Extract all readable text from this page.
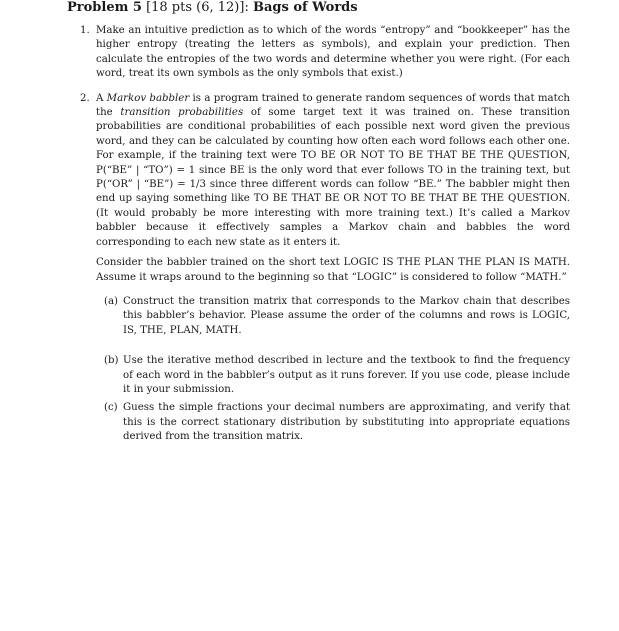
Problem 5 [18 pts (6, 12)]: Bags of Words
1. Make an intuitive prediction as to which of the words “entropy” and “bookkeeper” has the higher entropy (treating the letters as symbols), and explain your prediction. Then calculate the entropies of the two words and determine whether you were right. (For each word, treat its own symbols as the only symbols that exist.)
2. A Markov babbler is a program trained to generate random sequences of words that match the transition probabilities of some target text it was trained on. These transition probabilities are conditional probabilities of each possible next word given the previous word, and they can be calculated by counting how often each word follows each other one. For example, if the training text were TO BE OR NOT TO BE THAT BE THE QUESTION, P(“BE” | “TO”) = 1 since BE is the only word that ever follows TO in the training text, but P(“OR” | “BE”) = 1/3 since three different words can follow “BE.” The babbler might then end up saying something like TO BE THAT BE OR NOT TO BE THAT BE THE QUESTION. (It would probably be more interesting with more training text.) It’s called a Markov babbler because it effectively samples a Markov chain and babbles the word corresponding to each new state as it enters it.
Consider the babbler trained on the short text LOGIC IS THE PLAN THE PLAN IS MATH. Assume it wraps around to the beginning so that “LOGIC” is considered to follow “MATH.”
(a) Construct the transition matrix that corresponds to the Markov chain that describes this babbler’s behavior. Please assume the order of the columns and rows is LOGIC, IS, THE, PLAN, MATH.
(b) Use the iterative method described in lecture and the textbook to find the frequency of each word in the babbler’s output as it runs forever. If you use code, please include it in your submission.
(c) Guess the simple fractions your decimal numbers are approximating, and verify that this is the correct stationary distribution by substituting into appropriate equations derived from the transition matrix.
